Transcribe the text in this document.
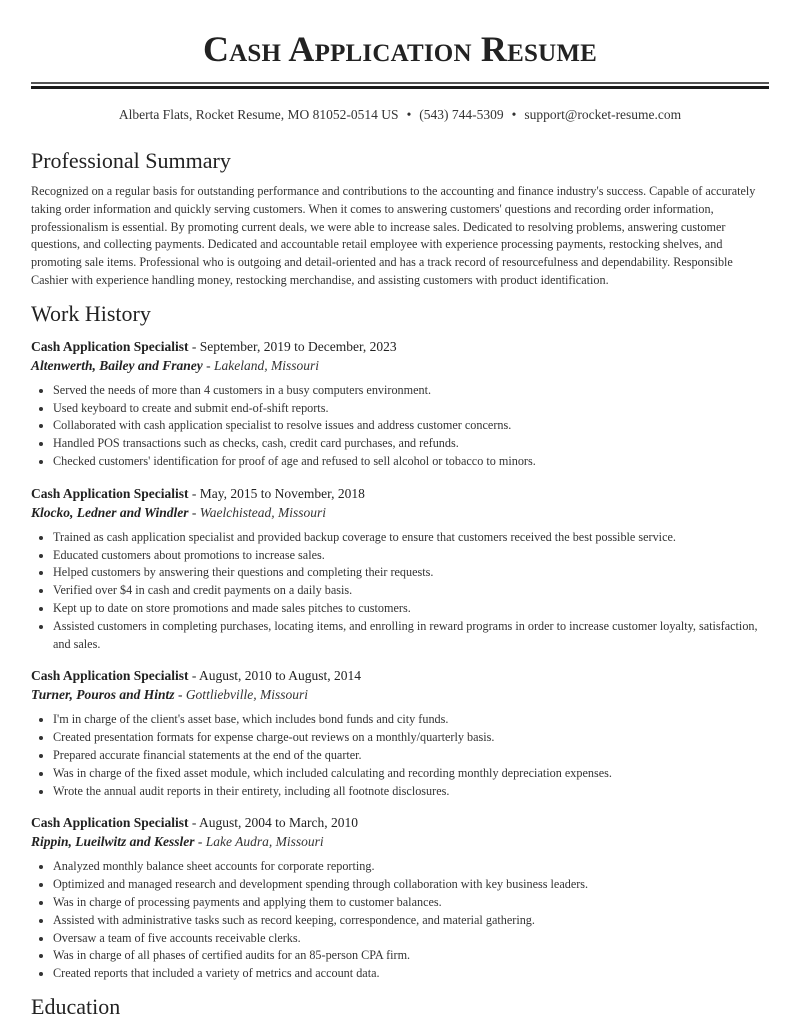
Cash Application Resume
Alberta Flats, Rocket Resume, MO 81052-0514 US • (543) 744-5309 • support@rocket-resume.com
Professional Summary

Recognized on a regular basis for outstanding performance and contributions to the accounting and finance industry's success. Capable of accurately taking order information and quickly serving customers. When it comes to answering customers' questions and recording order information, professionalism is essential. By promoting current deals, we were able to increase sales. Dedicated to resolving problems, answering customer questions, and collecting payments. Dedicated and accountable retail employee with experience processing payments, restocking shelves, and promoting sale items. Professional who is outgoing and detail-oriented and has a track record of resourcefulness and dependability. Responsible Cashier with experience handling money, restocking merchandise, and assisting customers with product identification.

Work History
Cash Application Specialist - September, 2019 to December, 2023
Altenwerth, Bailey and Franey - Lakeland, Missouri
• Served the needs of more than 4 customers in a busy computers environment.
• Used keyboard to create and submit end-of-shift reports.
• Collaborated with cash application specialist to resolve issues and address customer concerns.
• Handled POS transactions such as checks, cash, credit card purchases, and refunds.
• Checked customers' identification for proof of age and refused to sell alcohol or tobacco to minors.
Cash Application Specialist - May, 2015 to November, 2018
Klocko, Ledner and Windler - Waelchistead, Missouri
• Trained as cash application specialist and provided backup coverage to ensure that customers received the best possible service.
• Educated customers about promotions to increase sales.
• Helped customers by answering their questions and completing their requests.
• Verified over $4 in cash and credit payments on a daily basis.
• Kept up to date on store promotions and made sales pitches to customers.
• Assisted customers in completing purchases, locating items, and enrolling in reward programs in order to increase customer loyalty, satisfaction, and sales.
Cash Application Specialist - August, 2010 to August, 2014
Turner, Pouros and Hintz - Gottliebville, Missouri
• I'm in charge of the client's asset base, which includes bond funds and city funds.
• Created presentation formats for expense charge-out reviews on a monthly/quarterly basis.
• Prepared accurate financial statements at the end of the quarter.
• Was in charge of the fixed asset module, which included calculating and recording monthly depreciation expenses.
• Wrote the annual audit reports in their entirety, including all footnote disclosures.
Cash Application Specialist - August, 2004 to March, 2010
Rippin, Lueilwitz and Kessler - Lake Audra, Missouri
• Analyzed monthly balance sheet accounts for corporate reporting.
• Optimized and managed research and development spending through collaboration with key business leaders.
• Was in charge of processing payments and applying them to customer balances.
• Assisted with administrative tasks such as record keeping, correspondence, and material gathering.
• Oversaw a team of five accounts receivable clerks.
• Was in charge of all phases of certified audits for an 85-person CPA firm.
• Created reports that included a variety of metrics and account data.
Education
